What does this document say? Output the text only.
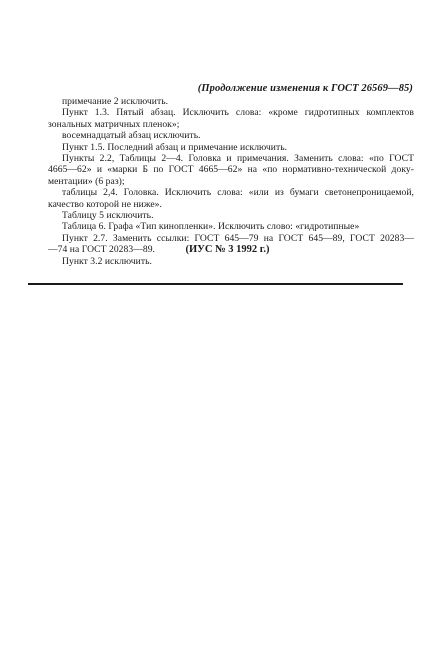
(Продолжение изменения к ГОСТ 26569—85)
примечание 2 исключить.
Пункт 1.3. Пятый абзац. Исключить слова: «кроме гидротипных комплектов
зональных матричных пленок»;
восемнадцатый абзац исключить.
Пункт 1.5. Последний абзац и примечание исключить.
Пункты 2.2, Таблицы 2—4. Головка и примечания. Заменить слова: «по ГОСТ
4665—62» и «марки Б по ГОСТ 4665—62» на «по нормативно-технической доку-
ментации» (6 раз);
таблицы 2,4. Головка. Исключить слова: «или из бумаги светонепроницаемой,
качество которой не ниже».
Таблицу 5 исключить.
Таблица 6. Графа «Тип кинопленки». Исключить слово: «гидротипные»
Пункт 2.7. Заменить ссылки: ГОСТ 645—79 на ГОСТ 645—89, ГОСТ 20283—
—74 на ГОСТ 20283—89.
Пункт 3.2 исключить.
(ИУС № 3 1992 г.)
